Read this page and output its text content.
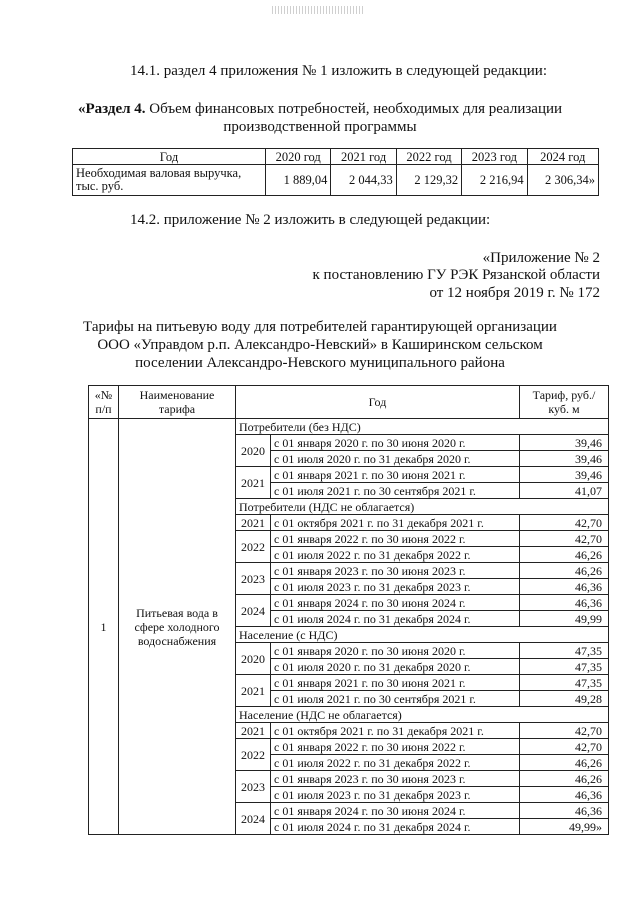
14.1. раздел 4 приложения № 1 изложить в следующей редакции:
«Раздел 4. Объем финансовых потребностей, необходимых для реализации
производственной программы
Год	2020 год	2021 год	2022 год	2023 год	2024 год
Необходимая валовая выручка, тыс. руб.	1 889,04	2 044,33	2 129,32	2 216,94	2 306,34»
14.2. приложение № 2 изложить в следующей редакции:
«Приложение № 2
к постановлению ГУ РЭК Рязанской области
от 12 ноября 2019 г. № 172
Тарифы на питьевую воду для потребителей гарантирующей организации
ООО «Управдом р.п. Александро-Невский» в Каширинском сельском
поселении Александро-Невского муниципального района
«№ п/п	Наименование тарифа	Год		Тариф, руб./куб. м
1	Питьевая вода в сфере холодного водоснабжения	Потребители (без НДС)		
		2020	с 01 января 2020 г. по 30 июня 2020 г.	39,46
			с 01 июля 2020 г. по 31 декабря 2020 г.	39,46
		2021	с 01 января 2021 г. по 30 июня 2021 г.	39,46
			с 01 июля 2021 г. по 30 сентября 2021 г.	41,07
		Потребители (НДС не облагается)		
		2021	с 01 октября 2021 г. по 31 декабря 2021 г.	42,70
		2022	с 01 января 2022 г. по 30 июня 2022 г.	42,70
			с 01 июля 2022 г. по 31 декабря 2022 г.	46,26
		2023	с 01 января 2023 г. по 30 июня 2023 г.	46,26
			с 01 июля 2023 г. по 31 декабря 2023 г.	46,36
		2024	с 01 января 2024 г. по 30 июня 2024 г.	46,36
			с 01 июля 2024 г. по 31 декабря 2024 г.	49,99
		Население (с НДС)		
		2020	с 01 января 2020 г. по 30 июня 2020 г.	47,35
			с 01 июля 2020 г. по 31 декабря 2020 г.	47,35
		2021	с 01 января 2021 г. по 30 июня 2021 г.	47,35
			с 01 июля 2021 г. по 30 сентября 2021 г.	49,28
		Население (НДС не облагается)		
		2021	с 01 октября 2021 г. по 31 декабря 2021 г.	42,70
		2022	с 01 января 2022 г. по 30 июня 2022 г.	42,70
			с 01 июля 2022 г. по 31 декабря 2022 г.	46,26
		2023	с 01 января 2023 г. по 30 июня 2023 г.	46,26
			с 01 июля 2023 г. по 31 декабря 2023 г.	46,36
		2024	с 01 января 2024 г. по 30 июня 2024 г.	46,36
			с 01 июля 2024 г. по 31 декабря 2024 г.	49,99»
